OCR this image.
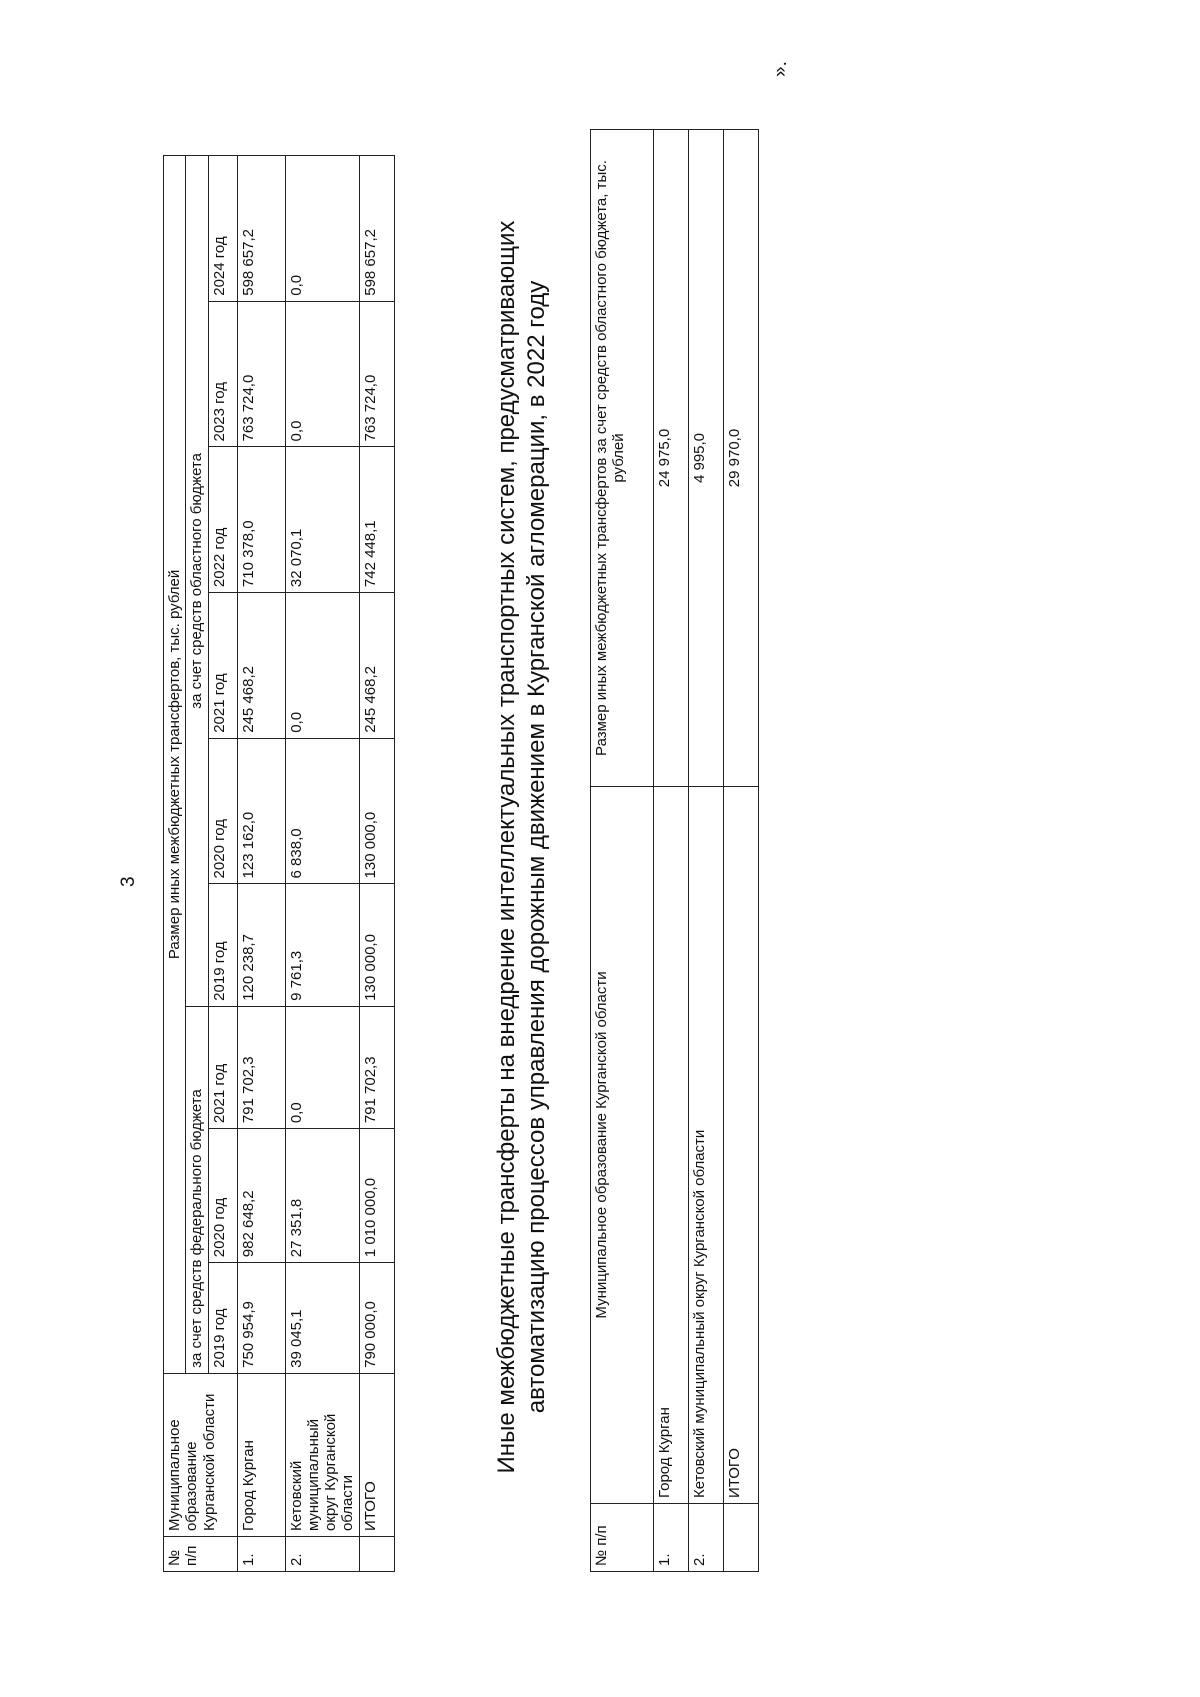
3
№ п/п	Муниципальное образование Курганской области	Размер иных межбюджетных трансфертов, тыс. рублей								
		за счет средств федерального бюджета			за счет средств областного бюджета					
		2019 год	2020 год	2021 год	2019 год	2020 год	2021 год	2022 год	2023 год	2024 год
1.	Город Курган	750 954,9	982 648,2	791 702,3	120 238,7	123 162,0	245 468,2	710 378,0	763 724,0	598 657,2
2.	Кетовский муниципальный округ Курганской области	39 045,1	27 351,8	0,0	9 761,3	6 838,0	0,0	32 070,1	0,0	0,0
	ИТОГО	790 000,0	1 010 000,0	791 702,3	130 000,0	130 000,0	245 468,2	742 448,1	763 724,0	598 657,2	Иные межбюджетные трансферты на внедрение интеллектуальных транспортных систем, предусматривающих автоматизацию процессов управления дорожным движением в Курганской агломерации, в 2022 году
№ п/п	Муниципальное образование Курганской области	Размер иных межбюджетных трансфертов за счет средств областного бюджета, тыс. рублей
1.	Город Курган	24 975,0
2.	Кетовский муниципальный округ Курганской области	4 995,0
	ИТОГО	29 970,0
».
